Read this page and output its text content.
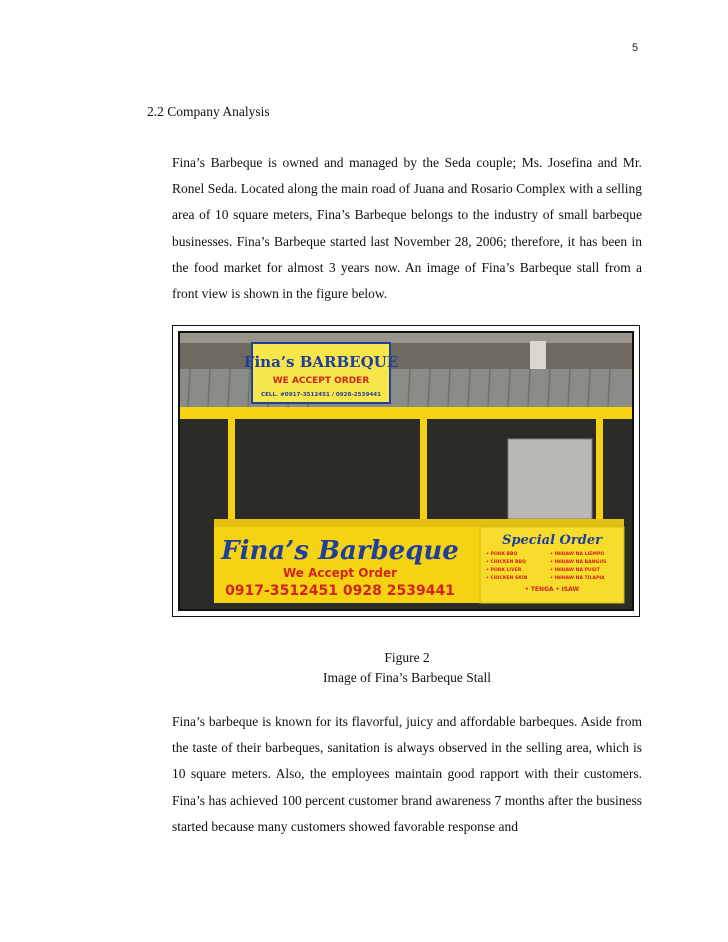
5
2.2 Company Analysis

Fina’s Barbeque is owned and managed by the Seda couple; Ms. Josefina and Mr. Ronel Seda. Located along the main road of Juana and Rosario Complex with a selling area of 10 square meters, Fina’s Barbeque belongs to the industry of small barbeque businesses. Fina’s Barbeque started last November 28, 2006; therefore, it has been in the food market for almost 3 years now. An image of Fina’s Barbeque stall from a front view is shown in the figure below.

Fina’s BARBEQUE
WE ACCEPT ORDER
CELL. #0917-3512451 / 0928-2539441
Fina’s Barbeque
We Accept Order
0917-3512451 0928 2539441
Special Order
• PORK BBQ
• CHICKEN BBQ
• PORK LIVER
• CHICKEN SKIN
• INIHAW NA LIEMPO
• INIHAW NA BANGUS
• INIHAW NA PUSIT
• INIHAW NA TILAPIA
• TENGA • ISAW
Figure 2
Image of Fina’s Barbeque Stall

Fina’s barbeque is known for its flavorful, juicy and affordable barbeques. Aside from the taste of their barbeques, sanitation is always observed in the selling area, which is 10 square meters. Also, the employees maintain good rapport with their customers. Fina’s has achieved 100 percent customer brand awareness 7 months after the business started because many customers showed favorable response and
